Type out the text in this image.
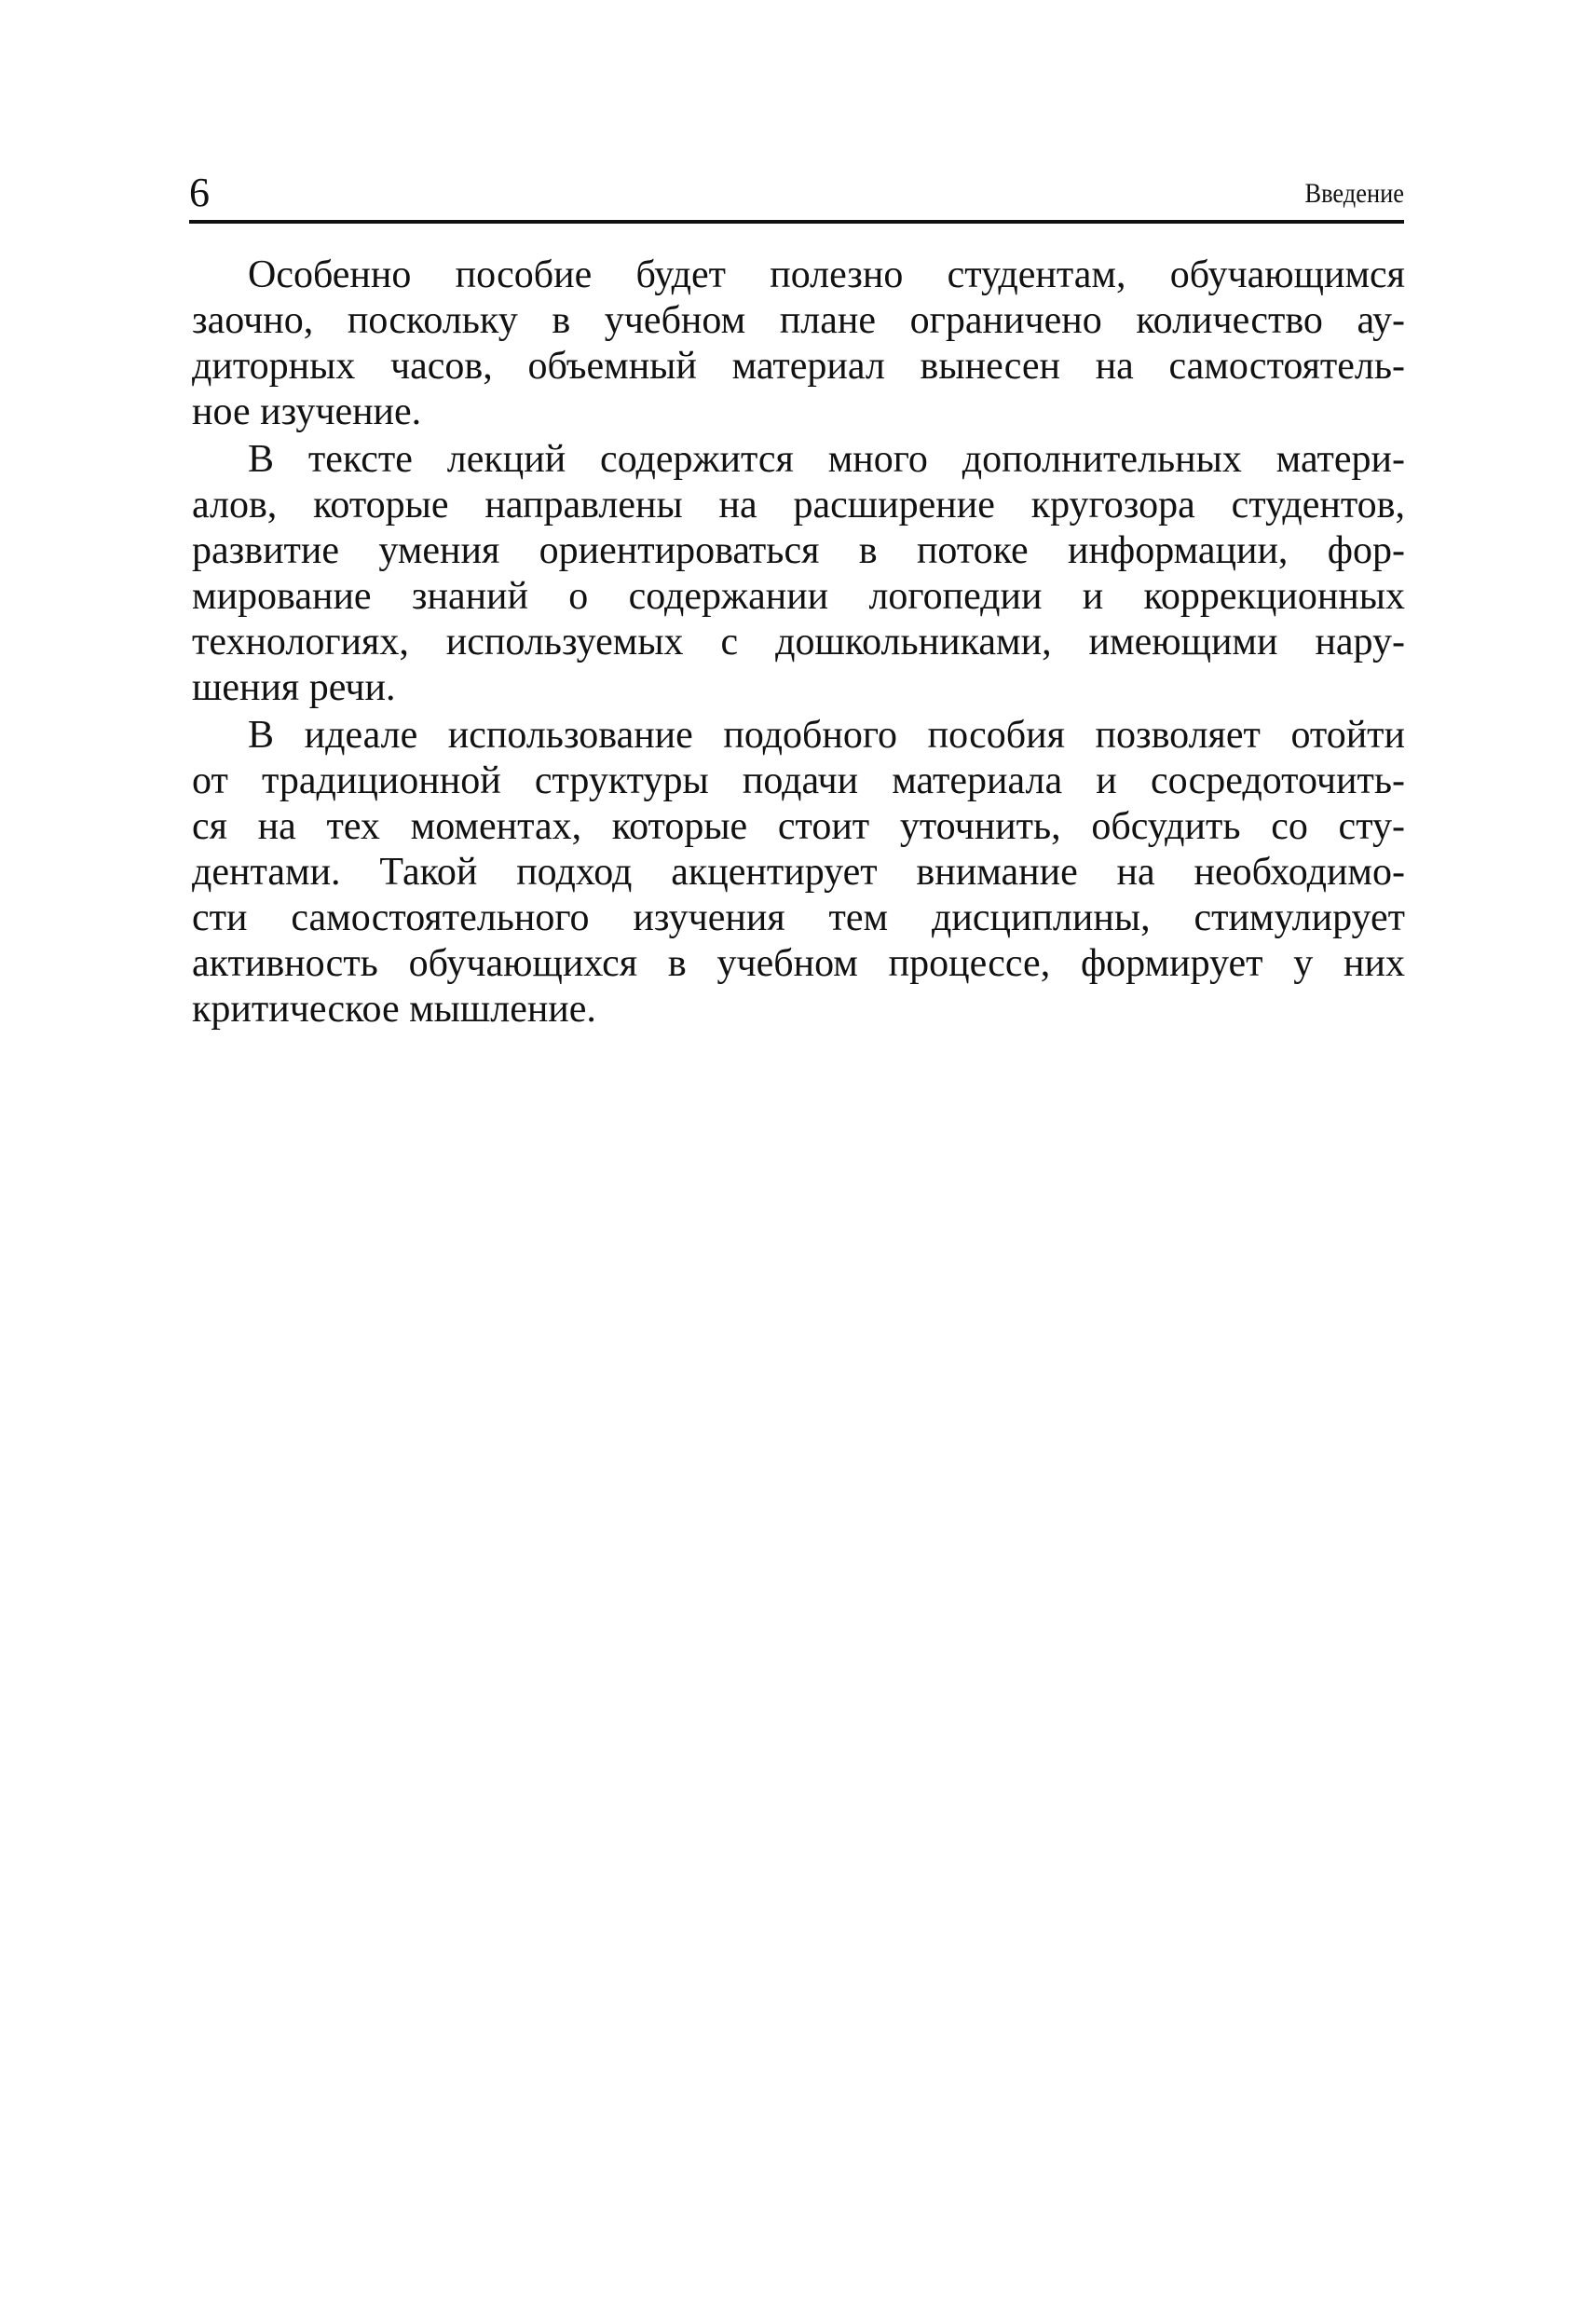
6	Введение
Особенно пособие будет полезно студентам, обучающимся
заочно, поскольку в учебном плане ограничено количество ау-
диторных часов, объемный материал вынесен на самостоятель-
ное изучение.
В тексте лекций содержится много дополнительных матери-
алов, которые направлены на расширение кругозора студентов,
развитие умения ориентироваться в потоке информации, фор-
мирование знаний о содержании логопедии и коррекционных
технологиях, используемых с дошкольниками, имеющими нару-
шения речи.
В идеале использование подобного пособия позволяет отойти
от традиционной структуры подачи материала и сосредоточить-
ся на тех моментах, которые стоит уточнить, обсудить со сту-
дентами. Такой подход акцентирует внимание на необходимо-
сти самостоятельного изучения тем дисциплины, стимулирует
активность обучающихся в учебном процессе, формирует у них
критическое мышление.
